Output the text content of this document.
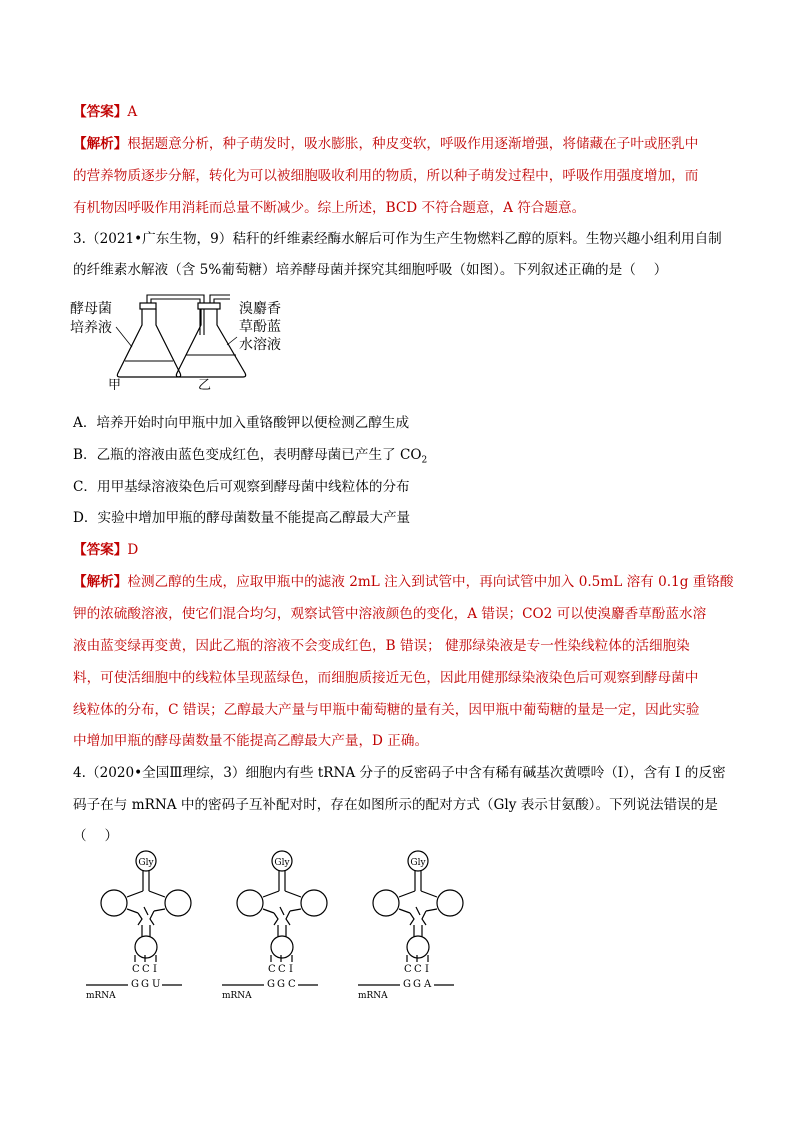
【答案】A
【解析】根据题意分析，种子萌发时，吸水膨胀，种皮变软，呼吸作用逐渐增强，将储藏在子叶或胚乳中
的营养物质逐步分解，转化为可以被细胞吸收利用的物质，所以种子萌发过程中，呼吸作用强度增加，而
有机物因呼吸作用消耗而总量不断减少。综上所述，BCD 不符合题意，A 符合题意。
3.（2021•广东生物，9）秸秆的纤维素经酶水解后可作为生产生物燃料乙醇的原料。生物兴趣小组利用自制
的纤维素水解液（含 5%葡萄糖）培养酵母菌并探究其细胞呼吸（如图）。下列叙述正确的是（　 ）
酵母菌
培养液
溴麝香
草酚蓝
水溶液
甲	乙
A．培养开始时向甲瓶中加入重铬酸钾以便检测乙醇生成
B．乙瓶的溶液由蓝色变成红色，表明酵母菌已产生了 $CO_2$
C．用甲基绿溶液染色后可观察到酵母菌中线粒体的分布
D．实验中增加甲瓶的酵母菌数量不能提高乙醇最大产量
【答案】D
【解析】检测乙醇的生成，应取甲瓶中的滤液 2mL 注入到试管中，再向试管中加入 0.5mL 溶有 0.1g 重铬酸
钾的浓硫酸溶液，使它们混合均匀，观察试管中溶液颜色的变化，A 错误；CO2 可以使溴麝香草酚蓝水溶
液由蓝变绿再变黄，因此乙瓶的溶液不会变成红色，B 错误； 健那绿染液是专一性染线粒体的活细胞染
料，可使活细胞中的线粒体呈现蓝绿色，而细胞质接近无色，因此用健那绿染液染色后可观察到酵母菌中
线粒体的分布，C 错误；乙醇最大产量与甲瓶中葡萄糖的量有关，因甲瓶中葡萄糖的量是一定，因此实验
中增加甲瓶的酵母菌数量不能提高乙醇最大产量，D 正确。
4.（2020•全国Ⅲ理综，3）细胞内有些 tRNA 分子的反密码子中含有稀有碱基次黄嘌呤（I），含有 I 的反密
码子在与 mRNA 中的密码子互补配对时，存在如图所示的配对方式（Gly 表示甘氨酸）。下列说法错误的是
（　 ）
Gly
C C I
G G U
mRNA
Gly
C C I
G G C
mRNA
Gly
C C I
G G A
mRNA
